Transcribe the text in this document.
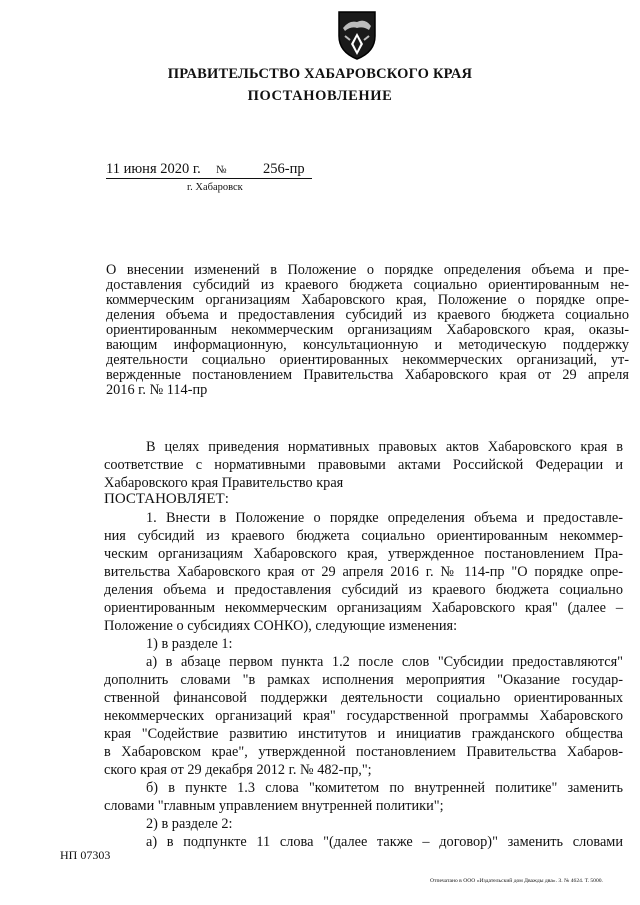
ПРАВИТЕЛЬСТВО ХАБАРОВСКОГО КРАЯ
ПОСТАНОВЛЕНИЕ
11 июня 2020 г. №	256-пр
г. Хабаровск
О внесении изменений в Положение о порядке определения объема и пре-
доставления субсидий из краевого бюджета социально ориентированным не-
коммерческим организациям Хабаровского края, Положение о порядке опре-
деления объема и предоставления субсидий из краевого бюджета социально
ориентированным некоммерческим организациям Хабаровского края, оказы-
вающим информационную, консультационную и методическую поддержку
деятельности социально ориентированных некоммерческих организаций, ут-
вержденные постановлением Правительства Хабаровского края от 29 апреля
2016 г. № 114-пр
В целях приведения нормативных правовых актов Хабаровского края в
соответствие с нормативными правовыми актами Российской Федерации и
Хабаровского края Правительство края
ПОСТАНОВЛЯЕТ:
1. Внести в Положение о порядке определения объема и предоставле-
ния субсидий из краевого бюджета социально ориентированным некоммер-
ческим организациям Хабаровского края, утвержденное постановлением Пра-
вительства Хабаровского края от 29 апреля 2016 г. № 114-пр "О порядке опре-
деления объема и предоставления субсидий из краевого бюджета социально
ориентированным некоммерческим организациям Хабаровского края" (далее –
Положение о субсидиях СОНКО), следующие изменения:
1) в разделе 1:
а) в абзаце первом пункта 1.2 после слов "Субсидии предоставляются"
дополнить словами "в рамках исполнения мероприятия "Оказание государ-
ственной финансовой поддержки деятельности социально ориентированных
некоммерческих организаций края" государственной программы Хабаровского
края "Содействие развитию институтов и инициатив гражданского общества
в Хабаровском крае", утвержденной постановлением Правительства Хабаров-
ского края от 29 декабря 2012 г. № 482-пр,";
б) в пункте 1.3 слова "комитетом по внутренней политике" заменить
словами "главным управлением внутренней политики";
2) в разделе 2:
а) в подпункте 11 слова "(далее также – договор)" заменить словами
НП 07303
Отпечатано в ООО «Издательский дом Дважды два». З. № 4624. Т. 5000.
